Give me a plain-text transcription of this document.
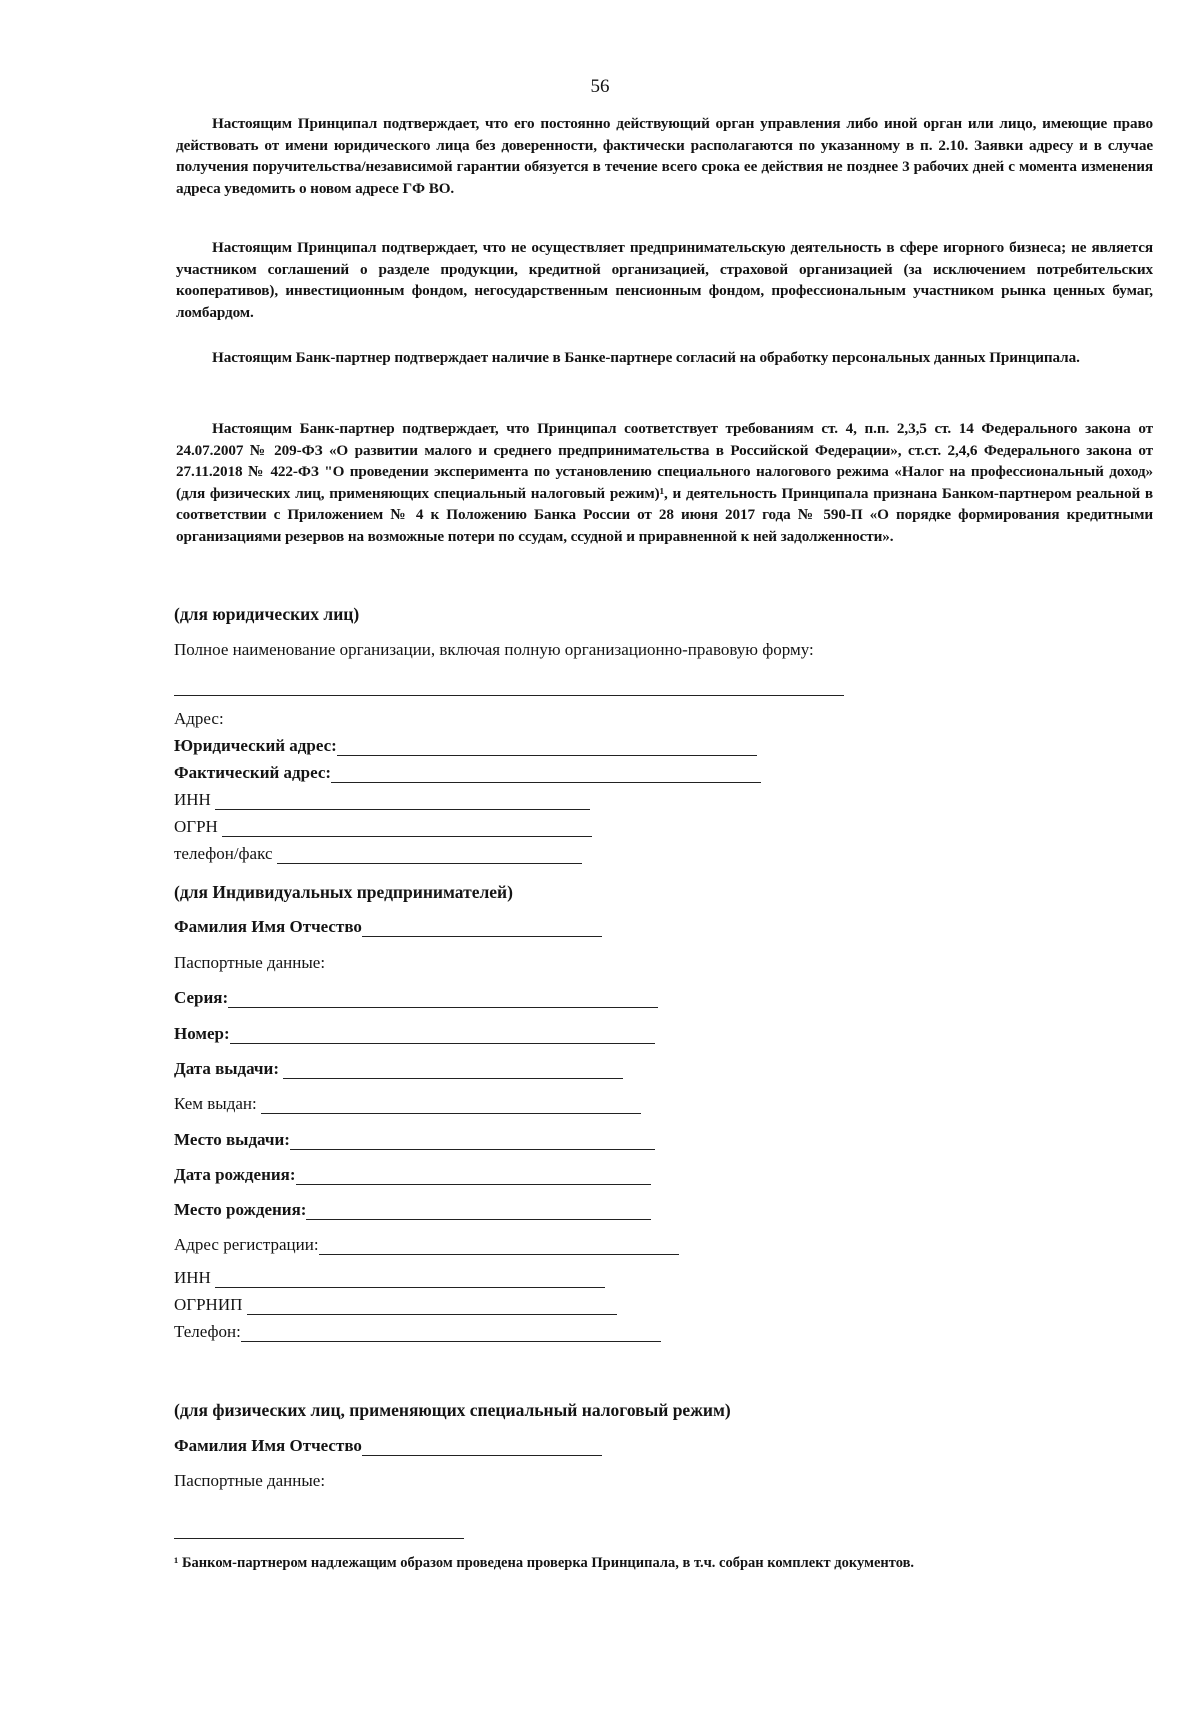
56

Настоящим Принципал подтверждает, что его постоянно действующий орган управления либо иной орган или лицо, имеющие право действовать от имени юридического лица без доверенности, фактически располагаются по указанному в п. 2.10. Заявки адресу и в случае получения поручительства/независимой гарантии обязуется в течение всего срока ее действия не позднее 3 рабочих дней с момента изменения адреса уведомить о новом адресе ГФ ВО.

Настоящим Принципал подтверждает, что не осуществляет предпринимательскую деятельность в сфере игорного бизнеса; не является участником соглашений о разделе продукции, кредитной организацией, страховой организацией (за исключением потребительских кооперативов), инвестиционным фондом, негосударственным пенсионным фондом, профессиональным участником рынка ценных бумаг, ломбардом.

Настоящим Банк-партнер подтверждает наличие в Банке-партнере согласий на обработку персональных данных Принципала.

Настоящим Банк-партнер подтверждает, что Принципал соответствует требованиям ст. 4, п.п. 2,3,5 ст. 14 Федерального закона от 24.07.2007 № 209-ФЗ «О развитии малого и среднего предпринимательства в Российской Федерации», ст.ст. 2,4,6 Федерального закона от 27.11.2018 № 422-ФЗ "О проведении эксперимента по установлению специального налогового режима «Налог на профессиональный доход» (для физических лиц, применяющих специальный налоговый режим)¹, и деятельность Принципала признана Банком-партнером реальной в соответствии с Приложением № 4 к Положению Банка России от 28 июня 2017 года № 590-П «О порядке формирования кредитными организациями резервов на возможные потери по ссудам, ссудной и приравненной к ней задолженности».

(для юридических лиц)

Полное наименование организации, включая полную организационно-правовую форму:

Адрес:

Юридический адрес:

Фактический адрес:

ИНН

ОГРН

телефон/факс

(для Индивидуальных предпринимателей)

Фамилия Имя Отчество

Паспортные данные:

Серия:

Номер:

Дата выдачи:

Кем выдан:

Место выдачи:

Дата рождения:

Место рождения:

Адрес регистрации:

ИНН

ОГРНИП

Телефон:

(для физических лиц, применяющих специальный налоговый режим)

Фамилия Имя Отчество

Паспортные данные:

¹ Банком-партнером надлежащим образом проведена проверка Принципала, в т.ч. собран комплект документов.
